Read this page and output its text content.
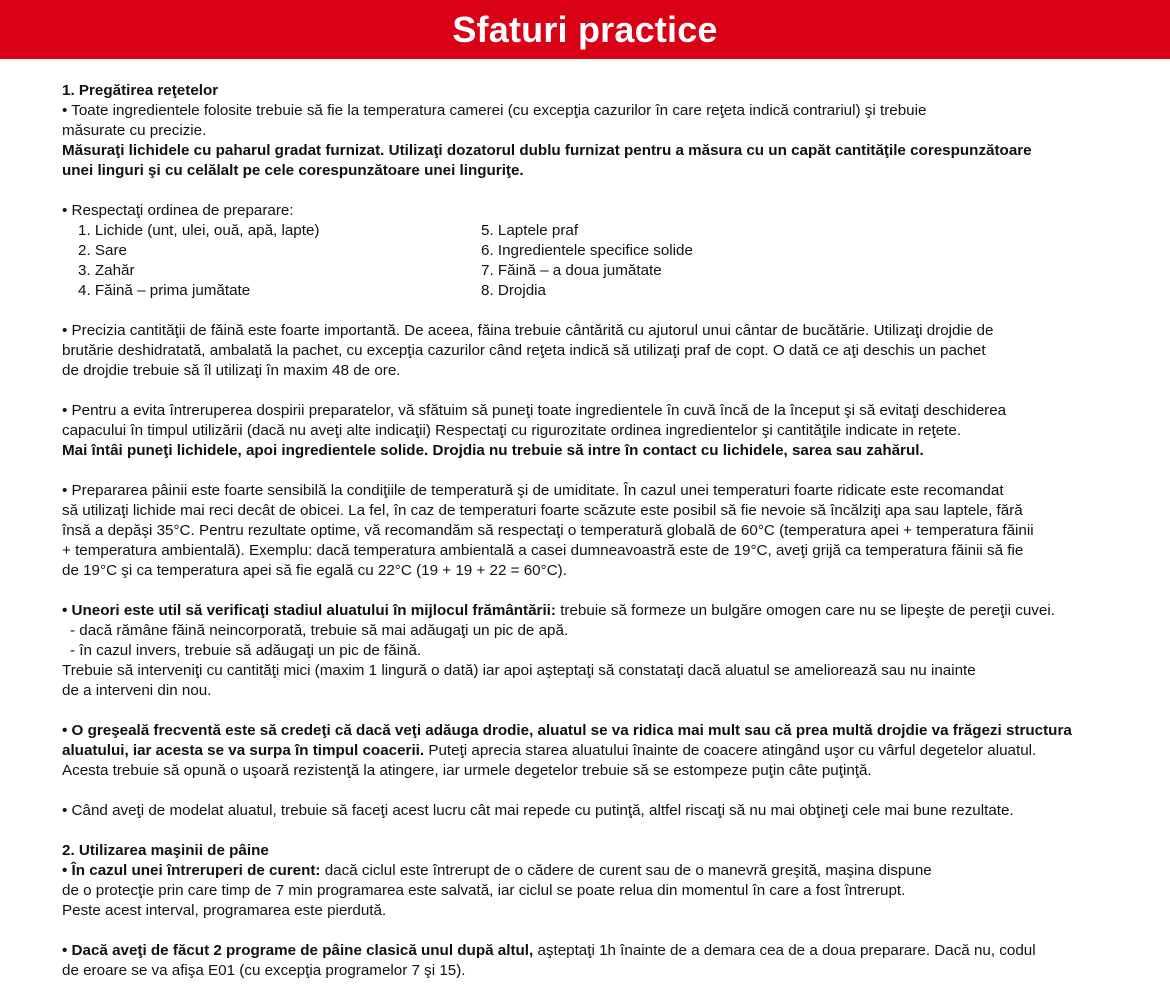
Sfaturi practice

1. Pregătirea reţetelor

• Toate ingredientele folosite trebuie să fie la temperatura camerei (cu excepţia cazurilor în care reţeta indică contrariul) şi trebuie

măsurate cu precizie.

Măsuraţi lichidele cu paharul gradat furnizat. Utilizaţi dozatorul dublu furnizat pentru a măsura cu un capăt cantităţile corespunzătoare

unei linguri şi cu celălalt pe cele corespunzătoare unei linguriţe.

• Respectaţi ordinea de preparare:

1. Lichide (unt, ulei, ouă, apă, lapte)

2. Sare

3. Zahăr

4. Făină – prima jumătate

5. Laptele praf

6. Ingredientele specifice solide

7. Făină – a doua jumătate

8. Drojdia

• Precizia cantităţii de făină este foarte importantă. De aceea, făina trebuie cântărită cu ajutorul unui cântar de bucătărie. Utilizaţi drojdie de

brutărie deshidratată, ambalată la pachet, cu excepţia cazurilor când reţeta indică să utilizaţi praf de copt. O dată ce aţi deschis un pachet

de drojdie trebuie să îl utilizaţi în maxim 48 de ore.

• Pentru a evita întreruperea dospirii preparatelor, vă sfătuim să puneţi toate ingredientele în cuvă încă de la început şi să evitaţi deschiderea

capacului în timpul utilizării (dacă nu aveţi alte indicaţii) Respectaţi cu rigurozitate ordinea ingredientelor şi cantităţile indicate in reţete.

Mai întâi puneţi lichidele, apoi ingredientele solide. Drojdia nu trebuie să intre în contact cu lichidele, sarea sau zahărul.

• Prepararea pâinii este foarte sensibilă la condiţiile de temperatură şi de umiditate. În cazul unei temperaturi foarte ridicate este recomandat

să utilizaţi lichide mai reci decât de obicei. La fel, în caz de temperaturi foarte scăzute este posibil să fie nevoie să încălziţi apa sau laptele, fără

însă a depăşi 35°C. Pentru rezultate optime, vă recomandăm să respectaţi o temperatură globală de 60°C (temperatura apei + temperatura făinii

+ temperatura ambientală). Exemplu: dacă temperatura ambientală a casei dumneavoastră este de 19°C, aveţi grijă ca temperatura făinii să fie

de 19°C şi ca temperatura apei să fie egală cu 22°C (19 + 19 + 22 = 60°C).

• Uneori este util să verificaţi stadiul aluatului în mijlocul frământării: trebuie să formeze un bulgăre omogen care nu se lipeşte de pereţii cuvei.

- dacă rămâne făină neincorporată, trebuie să mai adăugaţi un pic de apă.

- în cazul invers, trebuie să adăugaţi un pic de făină.

Trebuie să interveniţi cu cantităţi mici (maxim 1 lingură o dată) iar apoi aşteptaţi să constataţi dacă aluatul se ameliorează sau nu inainte

de a interveni din nou.

• O greşeală frecventă este să credeţi că dacă veţi adăuga drodie, aluatul se va ridica mai mult sau că prea multă drojdie va frăgezi structura

aluatului, iar acesta se va surpa în timpul coacerii. Puteţi aprecia starea aluatului înainte de coacere atingând uşor cu vârful degetelor aluatul.

Acesta trebuie să opună o uşoară rezistenţă la atingere, iar urmele degetelor trebuie să se estompeze puţin câte puţinţă.

• Când aveţi de modelat aluatul, trebuie să faceţi acest lucru cât mai repede cu putinţă, altfel riscaţi să nu mai obţineţi cele mai bune rezultate.

2. Utilizarea maşinii de pâine

• În cazul unei întreruperi de curent: dacă ciclul este întrerupt de o cădere de curent sau de o manevră greşită, maşina dispune

de o protecţie prin care timp de 7 min programarea este salvată, iar ciclul se poate relua din momentul în care a fost întrerupt.

Peste acest interval, programarea este pierdută.

• Dacă aveţi de făcut 2 programe de pâine clasică unul după altul, aşteptaţi 1h înainte de a demara cea de a doua preparare. Dacă nu, codul

de eroare se va afişa E01 (cu excepţia programelor 7 şi 15).
